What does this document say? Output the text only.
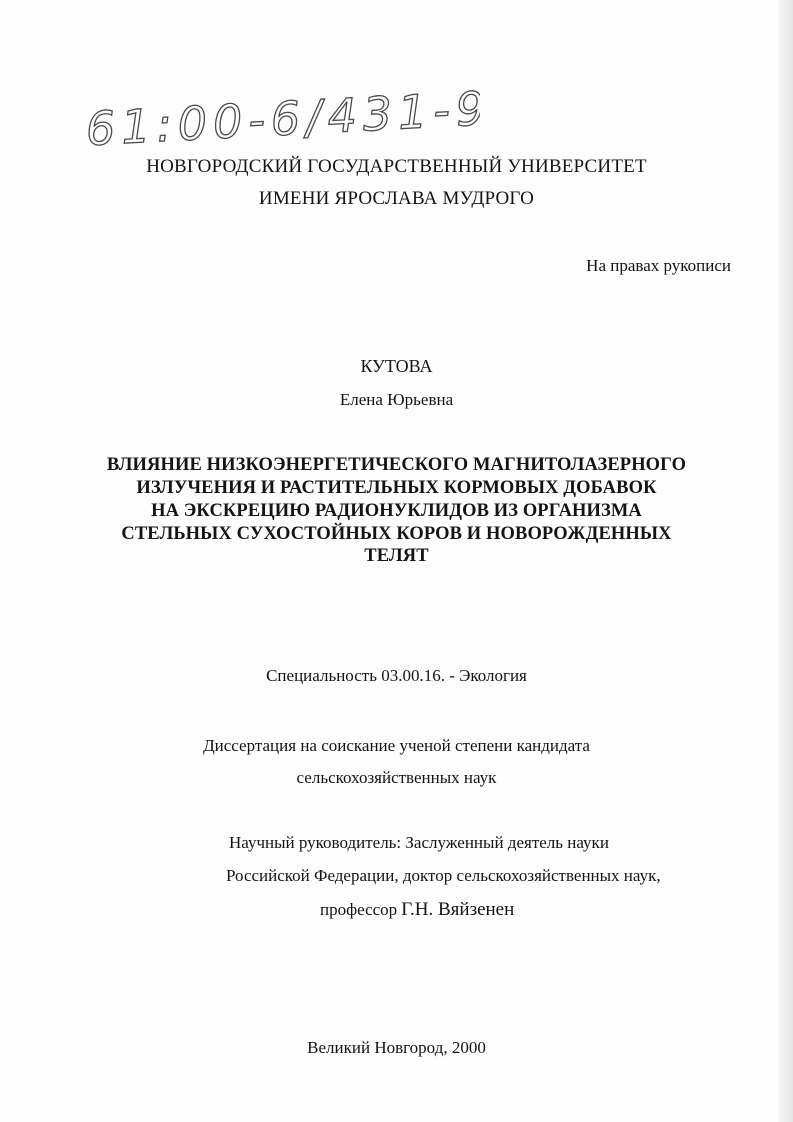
61:00-6/431-9
НОВГОРОДСКИЙ ГОСУДАРСТВЕННЫЙ УНИВЕРСИТЕТ
ИМЕНИ ЯРОСЛАВА МУДРОГО
На правах рукописи
КУТОВА
Елена Юрьевна
ВЛИЯНИЕ НИЗКОЭНЕРГЕТИЧЕСКОГО МАГНИТОЛАЗЕРНОГО
ИЗЛУЧЕНИЯ И РАСТИТЕЛЬНЫХ КОРМОВЫХ ДОБАВОК
НА ЭКСКРЕЦИЮ РАДИОНУКЛИДОВ ИЗ ОРГАНИЗМА
СТЕЛЬНЫХ СУХОСТОЙНЫХ КОРОВ И НОВОРОЖДЕННЫХ
ТЕЛЯТ
Специальность 03.00.16. - Экология
Диссертация на соискание ученой степени кандидата
сельскохозяйственных наук
Научный руководитель: Заслуженный деятель науки
Российской Федерации, доктор сельскохозяйственных наук,
профессор Г.Н. Вяйзенен
Великий Новгород, 2000
